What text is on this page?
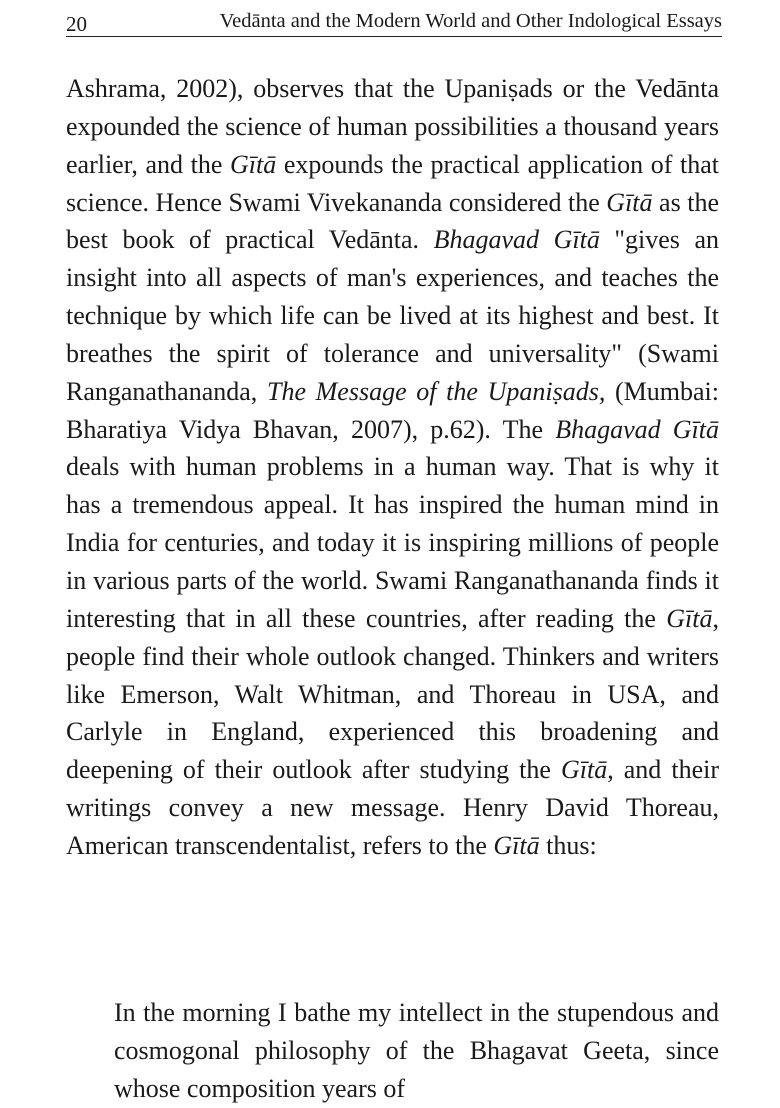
20	Vedānta and the Modern World and Other Indological Essays

Ashrama, 2002), observes that the Upaniṣads or the Vedānta expounded the science of human possibilities a thousand years earlier, and the Gītā expounds the practical application of that science. Hence Swami Vivekananda considered the Gītā as the best book of practical Vedānta. Bhagavad Gītā "gives an insight into all aspects of man's experiences, and teaches the technique by which life can be lived at its highest and best. It breathes the spirit of tolerance and universality" (Swami Ranganathananda, The Message of the Upaniṣads, (Mumbai: Bharatiya Vidya Bhavan, 2007), p.62). The Bhagavad Gītā deals with human problems in a human way. That is why it has a tremendous appeal. It has inspired the human mind in India for centuries, and today it is inspiring millions of people in various parts of the world. Swami Ranganathananda finds it interesting that in all these countries, after reading the Gītā, people find their whole outlook changed. Thinkers and writers like Emerson, Walt Whitman, and Thoreau in USA, and Carlyle in England, experienced this broadening and deepening of their outlook after studying the Gītā, and their writings convey a new message. Henry David Thoreau, American transcendentalist, refers to the Gītā thus:

In the morning I bathe my intellect in the stupendous and cosmogonal philosophy of the Bhagavat Geeta, since whose composition years of
